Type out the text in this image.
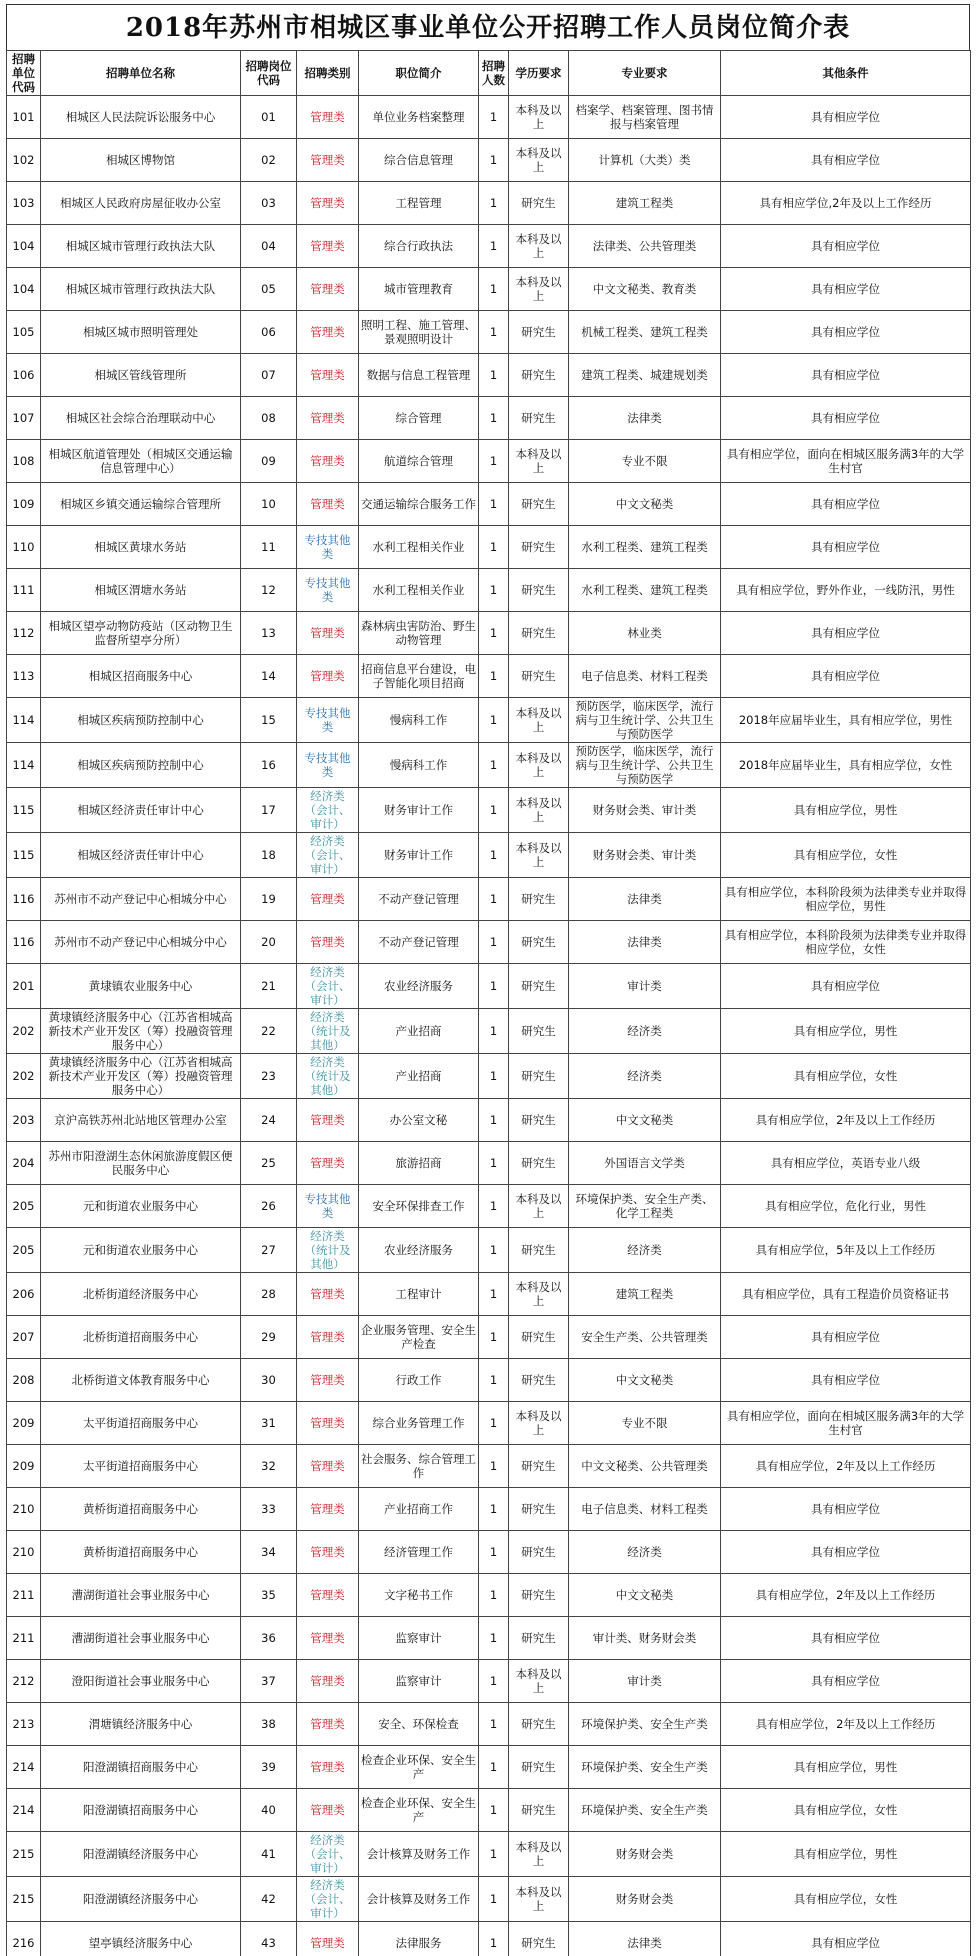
2018年苏州市相城区事业单位公开招聘工作人员岗位简介表
招聘单位代码	招聘单位名称	招聘岗位代码	招聘类别	职位简介	招聘人数	学历要求	专业要求	其他条件
101	相城区人民法院诉讼服务中心	01	管理类	单位业务档案整理	1	本科及以上	档案学、档案管理、图书情报与档案管理	具有相应学位
102	相城区博物馆	02	管理类	综合信息管理	1	本科及以上	计算机（大类）类	具有相应学位
103	相城区人民政府房屋征收办公室	03	管理类	工程管理	1	研究生	建筑工程类	具有相应学位,2年及以上工作经历
104	相城区城市管理行政执法大队	04	管理类	综合行政执法	1	本科及以上	法律类、公共管理类	具有相应学位
104	相城区城市管理行政执法大队	05	管理类	城市管理教育	1	本科及以上	中文文秘类、教育类	具有相应学位
105	相城区城市照明管理处	06	管理类	照明工程、施工管理、景观照明设计	1	研究生	机械工程类、建筑工程类	具有相应学位
106	相城区管线管理所	07	管理类	数据与信息工程管理	1	研究生	建筑工程类、城建规划类	具有相应学位
107	相城区社会综合治理联动中心	08	管理类	综合管理	1	研究生	法律类	具有相应学位
108	相城区航道管理处（相城区交通运输信息管理中心）	09	管理类	航道综合管理	1	本科及以上	专业不限	具有相应学位，面向在相城区服务满3年的大学生村官
109	相城区乡镇交通运输综合管理所	10	管理类	交通运输综合服务工作	1	研究生	中文文秘类	具有相应学位
110	相城区黄埭水务站	11	专技其他类	水利工程相关作业	1	研究生	水利工程类、建筑工程类	具有相应学位
111	相城区渭塘水务站	12	专技其他类	水利工程相关作业	1	研究生	水利工程类、建筑工程类	具有相应学位，野外作业，一线防汛，男性
112	相城区望亭动物防疫站（区动物卫生监督所望亭分所）	13	管理类	森林病虫害防治、野生动物管理	1	研究生	林业类	具有相应学位
113	相城区招商服务中心	14	管理类	招商信息平台建设，电子智能化项目招商	1	研究生	电子信息类、材料工程类	具有相应学位
114	相城区疾病预防控制中心	15	专技其他类	慢病科工作	1	本科及以上	预防医学，临床医学，流行病与卫生统计学、公共卫生与预防医学	2018年应届毕业生，具有相应学位，男性
114	相城区疾病预防控制中心	16	专技其他类	慢病科工作	1	本科及以上	预防医学，临床医学，流行病与卫生统计学、公共卫生与预防医学	2018年应届毕业生，具有相应学位，女性
115	相城区经济责任审计中心	17	经济类（会计、审计）	财务审计工作	1	本科及以上	财务财会类、审计类	具有相应学位，男性
115	相城区经济责任审计中心	18	经济类（会计、审计）	财务审计工作	1	本科及以上	财务财会类、审计类	具有相应学位，女性
116	苏州市不动产登记中心相城分中心	19	管理类	不动产登记管理	1	研究生	法律类	具有相应学位，本科阶段须为法律类专业并取得相应学位，男性
116	苏州市不动产登记中心相城分中心	20	管理类	不动产登记管理	1	研究生	法律类	具有相应学位，本科阶段须为法律类专业并取得相应学位，女性
201	黄埭镇农业服务中心	21	经济类（会计、审计）	农业经济服务	1	研究生	审计类	具有相应学位
202	黄埭镇经济服务中心（江苏省相城高新技术产业开发区（筹）投融资管理服务中心）	22	经济类（统计及其他）	产业招商	1	研究生	经济类	具有相应学位，男性
202	黄埭镇经济服务中心（江苏省相城高新技术产业开发区（筹）投融资管理服务中心）	23	经济类（统计及其他）	产业招商	1	研究生	经济类	具有相应学位，女性
203	京沪高铁苏州北站地区管理办公室	24	管理类	办公室文秘	1	研究生	中文文秘类	具有相应学位，2年及以上工作经历
204	苏州市阳澄湖生态休闲旅游度假区便民服务中心	25	管理类	旅游招商	1	研究生	外国语言文学类	具有相应学位，英语专业八级
205	元和街道农业服务中心	26	专技其他类	安全环保排查工作	1	本科及以上	环境保护类、安全生产类、化学工程类	具有相应学位，危化行业，男性
205	元和街道农业服务中心	27	经济类（统计及其他）	农业经济服务	1	研究生	经济类	具有相应学位，5年及以上工作经历
206	北桥街道经济服务中心	28	管理类	工程审计	1	本科及以上	建筑工程类	具有相应学位，具有工程造价员资格证书
207	北桥街道招商服务中心	29	管理类	企业服务管理、安全生产检查	1	研究生	安全生产类、公共管理类	具有相应学位
208	北桥街道文体教育服务中心	30	管理类	行政工作	1	研究生	中文文秘类	具有相应学位
209	太平街道招商服务中心	31	管理类	综合业务管理工作	1	本科及以上	专业不限	具有相应学位，面向在相城区服务满3年的大学生村官
209	太平街道招商服务中心	32	管理类	社会服务、综合管理工作	1	研究生	中文文秘类、公共管理类	具有相应学位，2年及以上工作经历
210	黄桥街道招商服务中心	33	管理类	产业招商工作	1	研究生	电子信息类、材料工程类	具有相应学位
210	黄桥街道招商服务中心	34	管理类	经济管理工作	1	研究生	经济类	具有相应学位
211	漕湖街道社会事业服务中心	35	管理类	文字秘书工作	1	研究生	中文文秘类	具有相应学位，2年及以上工作经历
211	漕湖街道社会事业服务中心	36	管理类	监察审计	1	研究生	审计类、财务财会类	具有相应学位
212	澄阳街道社会事业服务中心	37	管理类	监察审计	1	本科及以上	审计类	具有相应学位
213	渭塘镇经济服务中心	38	管理类	安全、环保检查	1	研究生	环境保护类、安全生产类	具有相应学位，2年及以上工作经历
214	阳澄湖镇招商服务中心	39	管理类	检查企业环保、安全生产	1	研究生	环境保护类、安全生产类	具有相应学位，男性
214	阳澄湖镇招商服务中心	40	管理类	检查企业环保、安全生产	1	研究生	环境保护类、安全生产类	具有相应学位，女性
215	阳澄湖镇经济服务中心	41	经济类（会计、审计）	会计核算及财务工作	1	本科及以上	财务财会类	具有相应学位，男性
215	阳澄湖镇经济服务中心	42	经济类（会计、审计）	会计核算及财务工作	1	本科及以上	财务财会类	具有相应学位，女性
216	望亭镇经济服务中心	43	管理类	法律服务	1	研究生	法律类	具有相应学位
